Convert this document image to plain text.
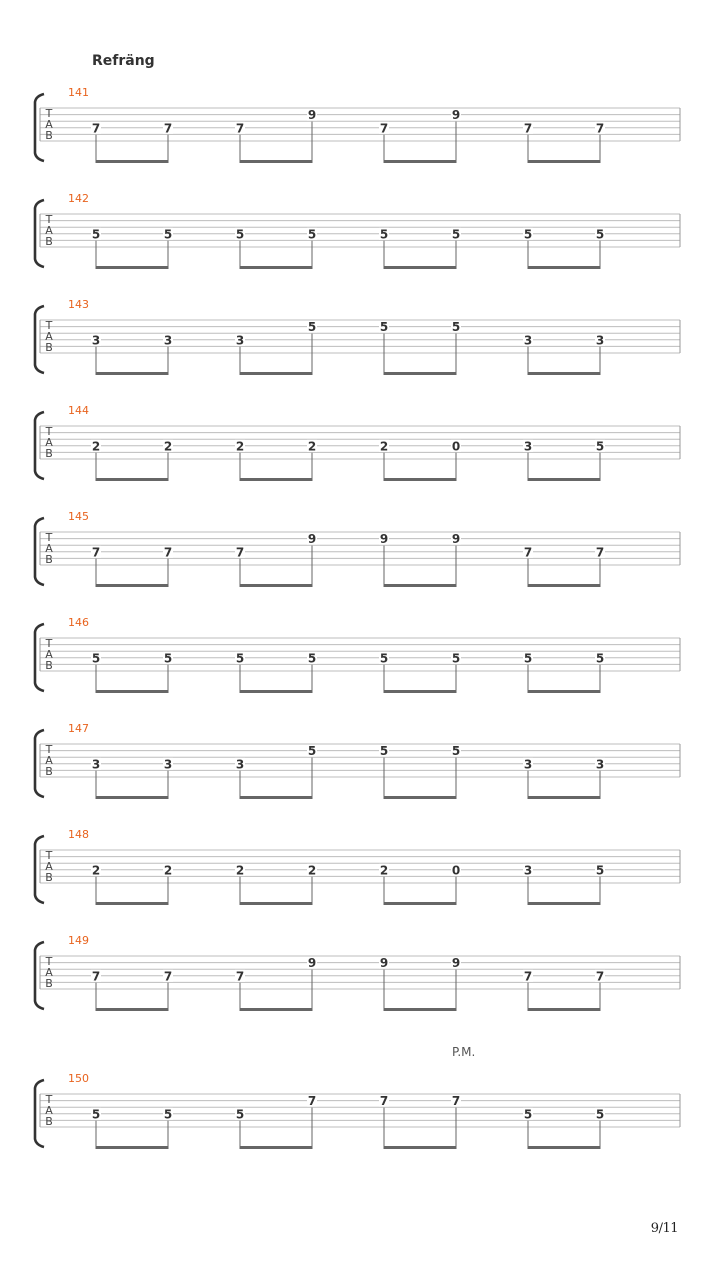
Refräng
T
A
B
141
7	7	7
9
7
9
7	7
T
A
B
142
5	5	5	5	5	5	5	5
T
A
B
143
3	3	3
5	5	5
3	3
T
A
B
144
2	2	2	2	2	0	3	5
T
A
B
145
7	7	7
9	9	9
7	7
T
A
B
146
5	5	5	5	5	5	5	5
T
A
B
147
3	3	3
5	5	5
3	3
T
A
B
148
2	2	2	2	2	0	3	5
T
A
B
149
7	7	7
9	9	9
7	7
T
A
B
150
P.M.
5	5	5
7	7	7
5	5
9/11
